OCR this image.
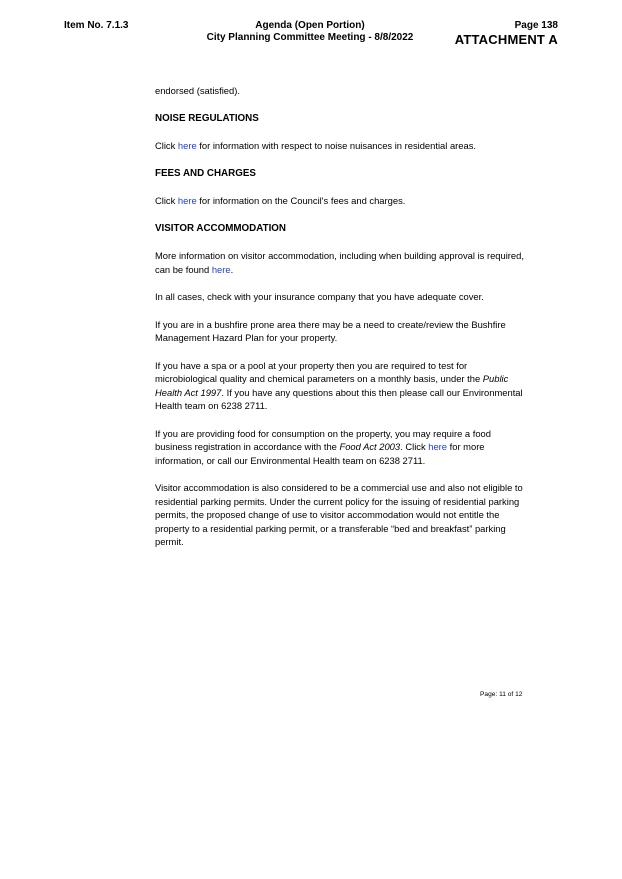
Item No. 7.1.3	Agenda (Open Portion)
City Planning Committee Meeting - 8/8/2022
Page 138
ATTACHMENT A

endorsed (satisfied).

NOISE REGULATIONS

Click here for information with respect to noise nuisances in residential areas.

FEES AND CHARGES

Click here for information on the Council's fees and charges.

VISITOR ACCOMMODATION

More information on visitor accommodation, including when building approval is required, can be found here.

In all cases, check with your insurance company that you have adequate cover.

If you are in a bushfire prone area there may be a need to create/review the Bushfire Management Hazard Plan for your property.

If you have a spa or a pool at your property then you are required to test for microbiological quality and chemical parameters on a monthly basis, under the Public Health Act 1997. If you have any questions about this then please call our Environmental Health team on 6238 2711.

If you are providing food for consumption on the property, you may require a food business registration in accordance with the Food Act 2003. Click here for more information, or call our Environmental Health team on 6238 2711.

Visitor accommodation is also considered to be a commercial use and also not eligible to residential parking permits. Under the current policy for the issuing of residential parking permits, the proposed change of use to visitor accommodation would not entitle the property to a residential parking permit, or a transferable “bed and breakfast” parking permit.

Page: 11 of 12
